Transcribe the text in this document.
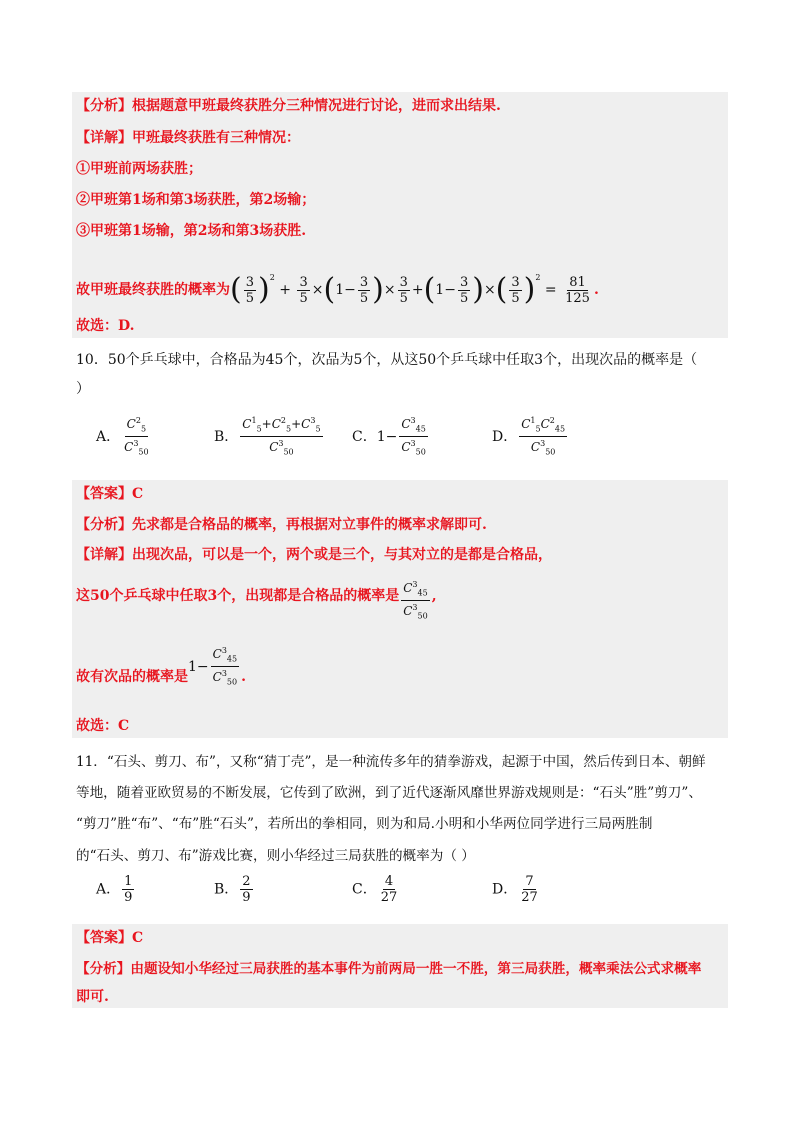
【分析】根据题意甲班最终获胜分三种情况进行讨论，进而求出结果.
【详解】甲班最终获胜有三种情况：
①甲班前两场获胜；
②甲班第1场和第3场获胜，第2场输；
③甲班第1场输，第2场和第3场获胜.
故甲班最终获胜的概率为( $\frac{3}{5} )^2 + \frac{3}{5} \times(1- \frac{3}{5}$ )× $\frac{3}{5} +(1- \frac{3}{5}$ )×( $\frac{3}{5} )^2 = \frac{81}{125}$ .
故选：D.
10．50个乒乓球中，合格品为45个，次品为5个，从这50个乒乓球中任取3个，出现次品的概率是（
）
A． $\frac{C^2_5}{C^3_{50}}$	B． $\frac{C^1_5+C^2_5+C^3_5}{C^3_{50}}$ C．$1- \frac{C^3_{45}}{C^3_{50}}$	D． $\frac{C^1_5C^2_{45}}{C^3_{50}}$
【答案】C
【分析】先求都是合格品的概率，再根据对立事件的概率求解即可.
【详解】出现次品，可以是一个，两个或是三个，与其对立的是都是合格品，
这50个乒乓球中任取3个，出现都是合格品的概率是 $\frac{C^3_{45}}{C^3_{50}}$ ,
故有次品的概率是$1- \frac{C^3_{45}}{C^3_{50}}$ .
故选：C
11．“石头、剪刀、布”，又称“猜丁壳”，是一种流传多年的猜拳游戏，起源于中国，然后传到日本、朝鲜
等地，随着亚欧贸易的不断发展，它传到了欧洲，到了近代逐渐风靡世界游戏规则是：“石头”胜”剪刀”、
“剪刀”胜“布”、“布”胜“石头”，若所出的拳相同，则为和局.小明和小华两位同学进行三局两胜制
的“石头、剪刀、布”游戏比赛，则小华经过三局获胜的概率为（ ）
A． $\frac{1}{9}$	B． $\frac{2}{9}$	C． $\frac{4}{27}$	D． $\frac{7}{27}$
【答案】C
【分析】由题设知小华经过三局获胜的基本事件为前两局一胜一不胜，第三局获胜，概率乘法公式求概率
即可.
